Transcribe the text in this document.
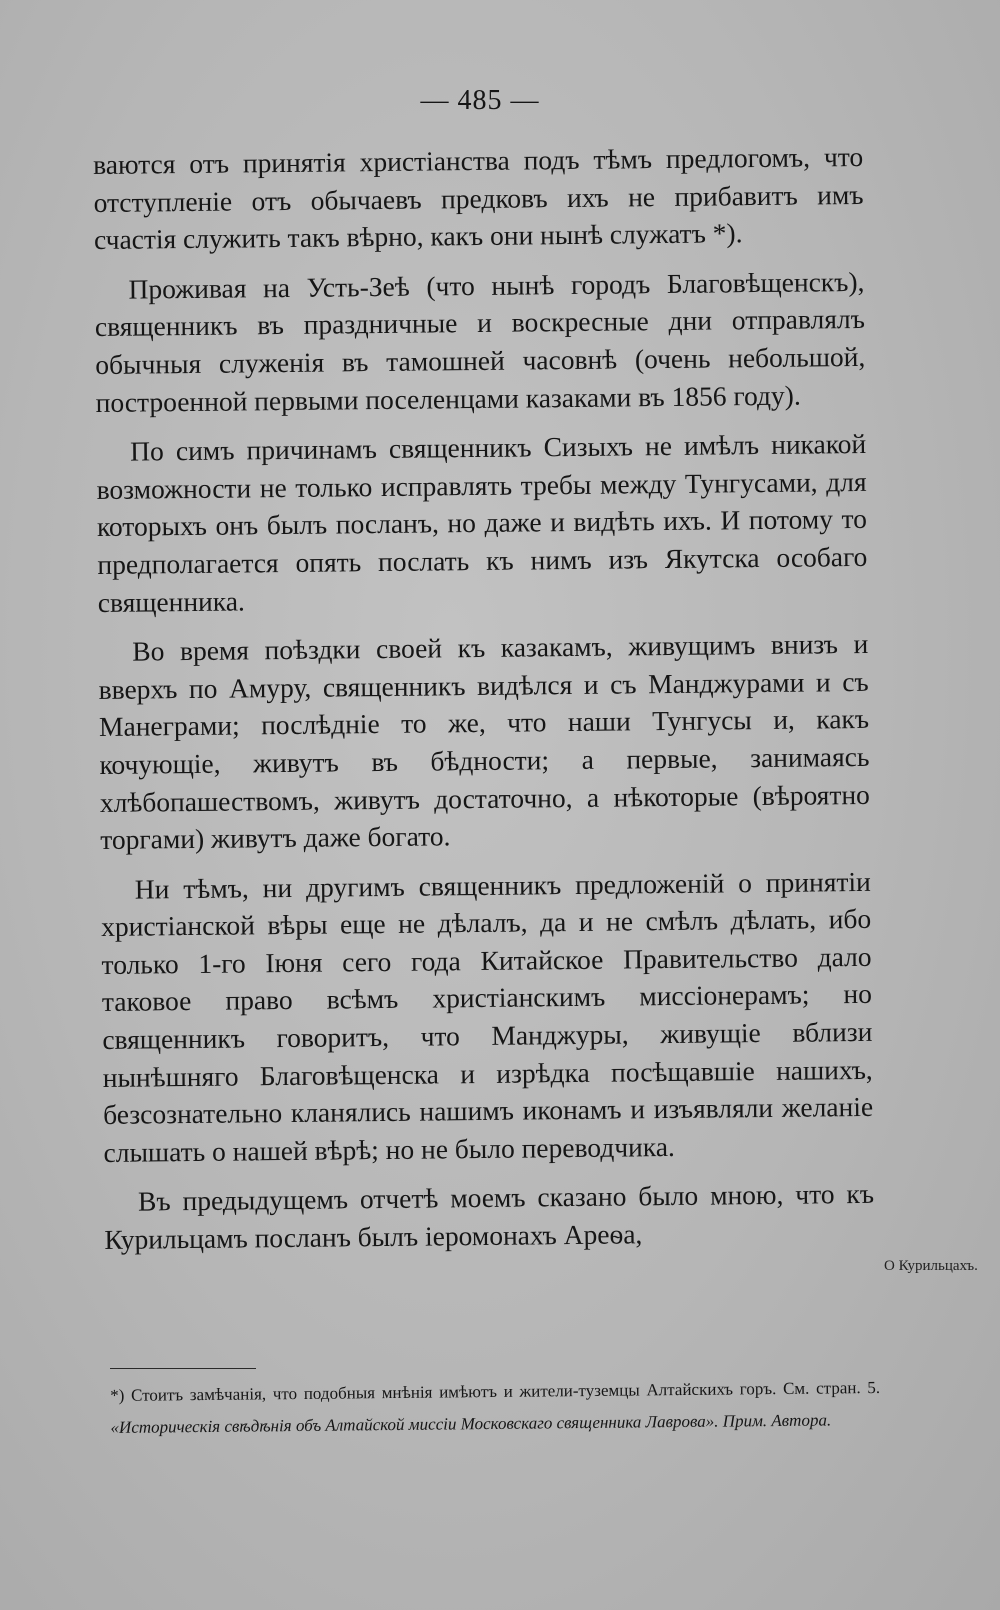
— 485 —

ваются отъ принятія христіанства подъ тѣмъ предлогомъ, что отступленіе отъ обычаевъ предковъ ихъ не прибавитъ имъ счастія служить такъ вѣрно, какъ они нынѣ служатъ *).

Проживая на Усть-Зеѣ (что нынѣ городъ Благовѣщенскъ), священникъ въ праздничные и воскресные дни отправлялъ обычныя служенія въ тамошней часовнѣ (очень небольшой, построенной первыми поселенцами казаками въ 1856 году).

По симъ причинамъ священникъ Сизыхъ не имѣлъ никакой возможности не только исправлять требы между Тунгусами, для которыхъ онъ былъ посланъ, но даже и видѣть ихъ. И потому то предполагается опять послать къ нимъ изъ Якутска особаго священника.

Во время поѣздки своей къ казакамъ, живущимъ внизъ и вверхъ по Амуру, священникъ видѣлся и съ Манджурами и съ Манеграми; послѣдніе то же, что наши Тунгусы и, какъ кочующіе, живутъ въ бѣдности; а первые, занимаясь хлѣбопашествомъ, живутъ достаточно, а нѣкоторые (вѣроятно торгами) живутъ даже богато.

Ни тѣмъ, ни другимъ священникъ предложеній о принятіи христіанской вѣры еще не дѣлалъ, да и не смѣлъ дѣлать, ибо только 1-го Іюня сего года Китайское Правительство дало таковое право всѣмъ христіанскимъ миссіонерамъ; но священникъ говоритъ, что Манджуры, живущіе вблизи нынѣшняго Благовѣщенска и изрѣдка посѣщавшіе нашихъ, безсознательно кланялись нашимъ иконамъ и изъявляли желаніе слышать о нашей вѣрѣ; но не было переводчика.

Въ предыдущемъ отчетѣ моемъ сказано было мною, что къ Курильцамъ посланъ былъ іеромонахъ Ареѳа,

О Курильцахъ.
*) Стоитъ замѣчанія, что подобныя мнѣнія имѣютъ и жители-туземцы Алтайскихъ горъ. См. стран. 5. «Историческія свѣдѣнія объ Алтайской миссіи Московскаго священника Лаврова». Прим. Автора.
